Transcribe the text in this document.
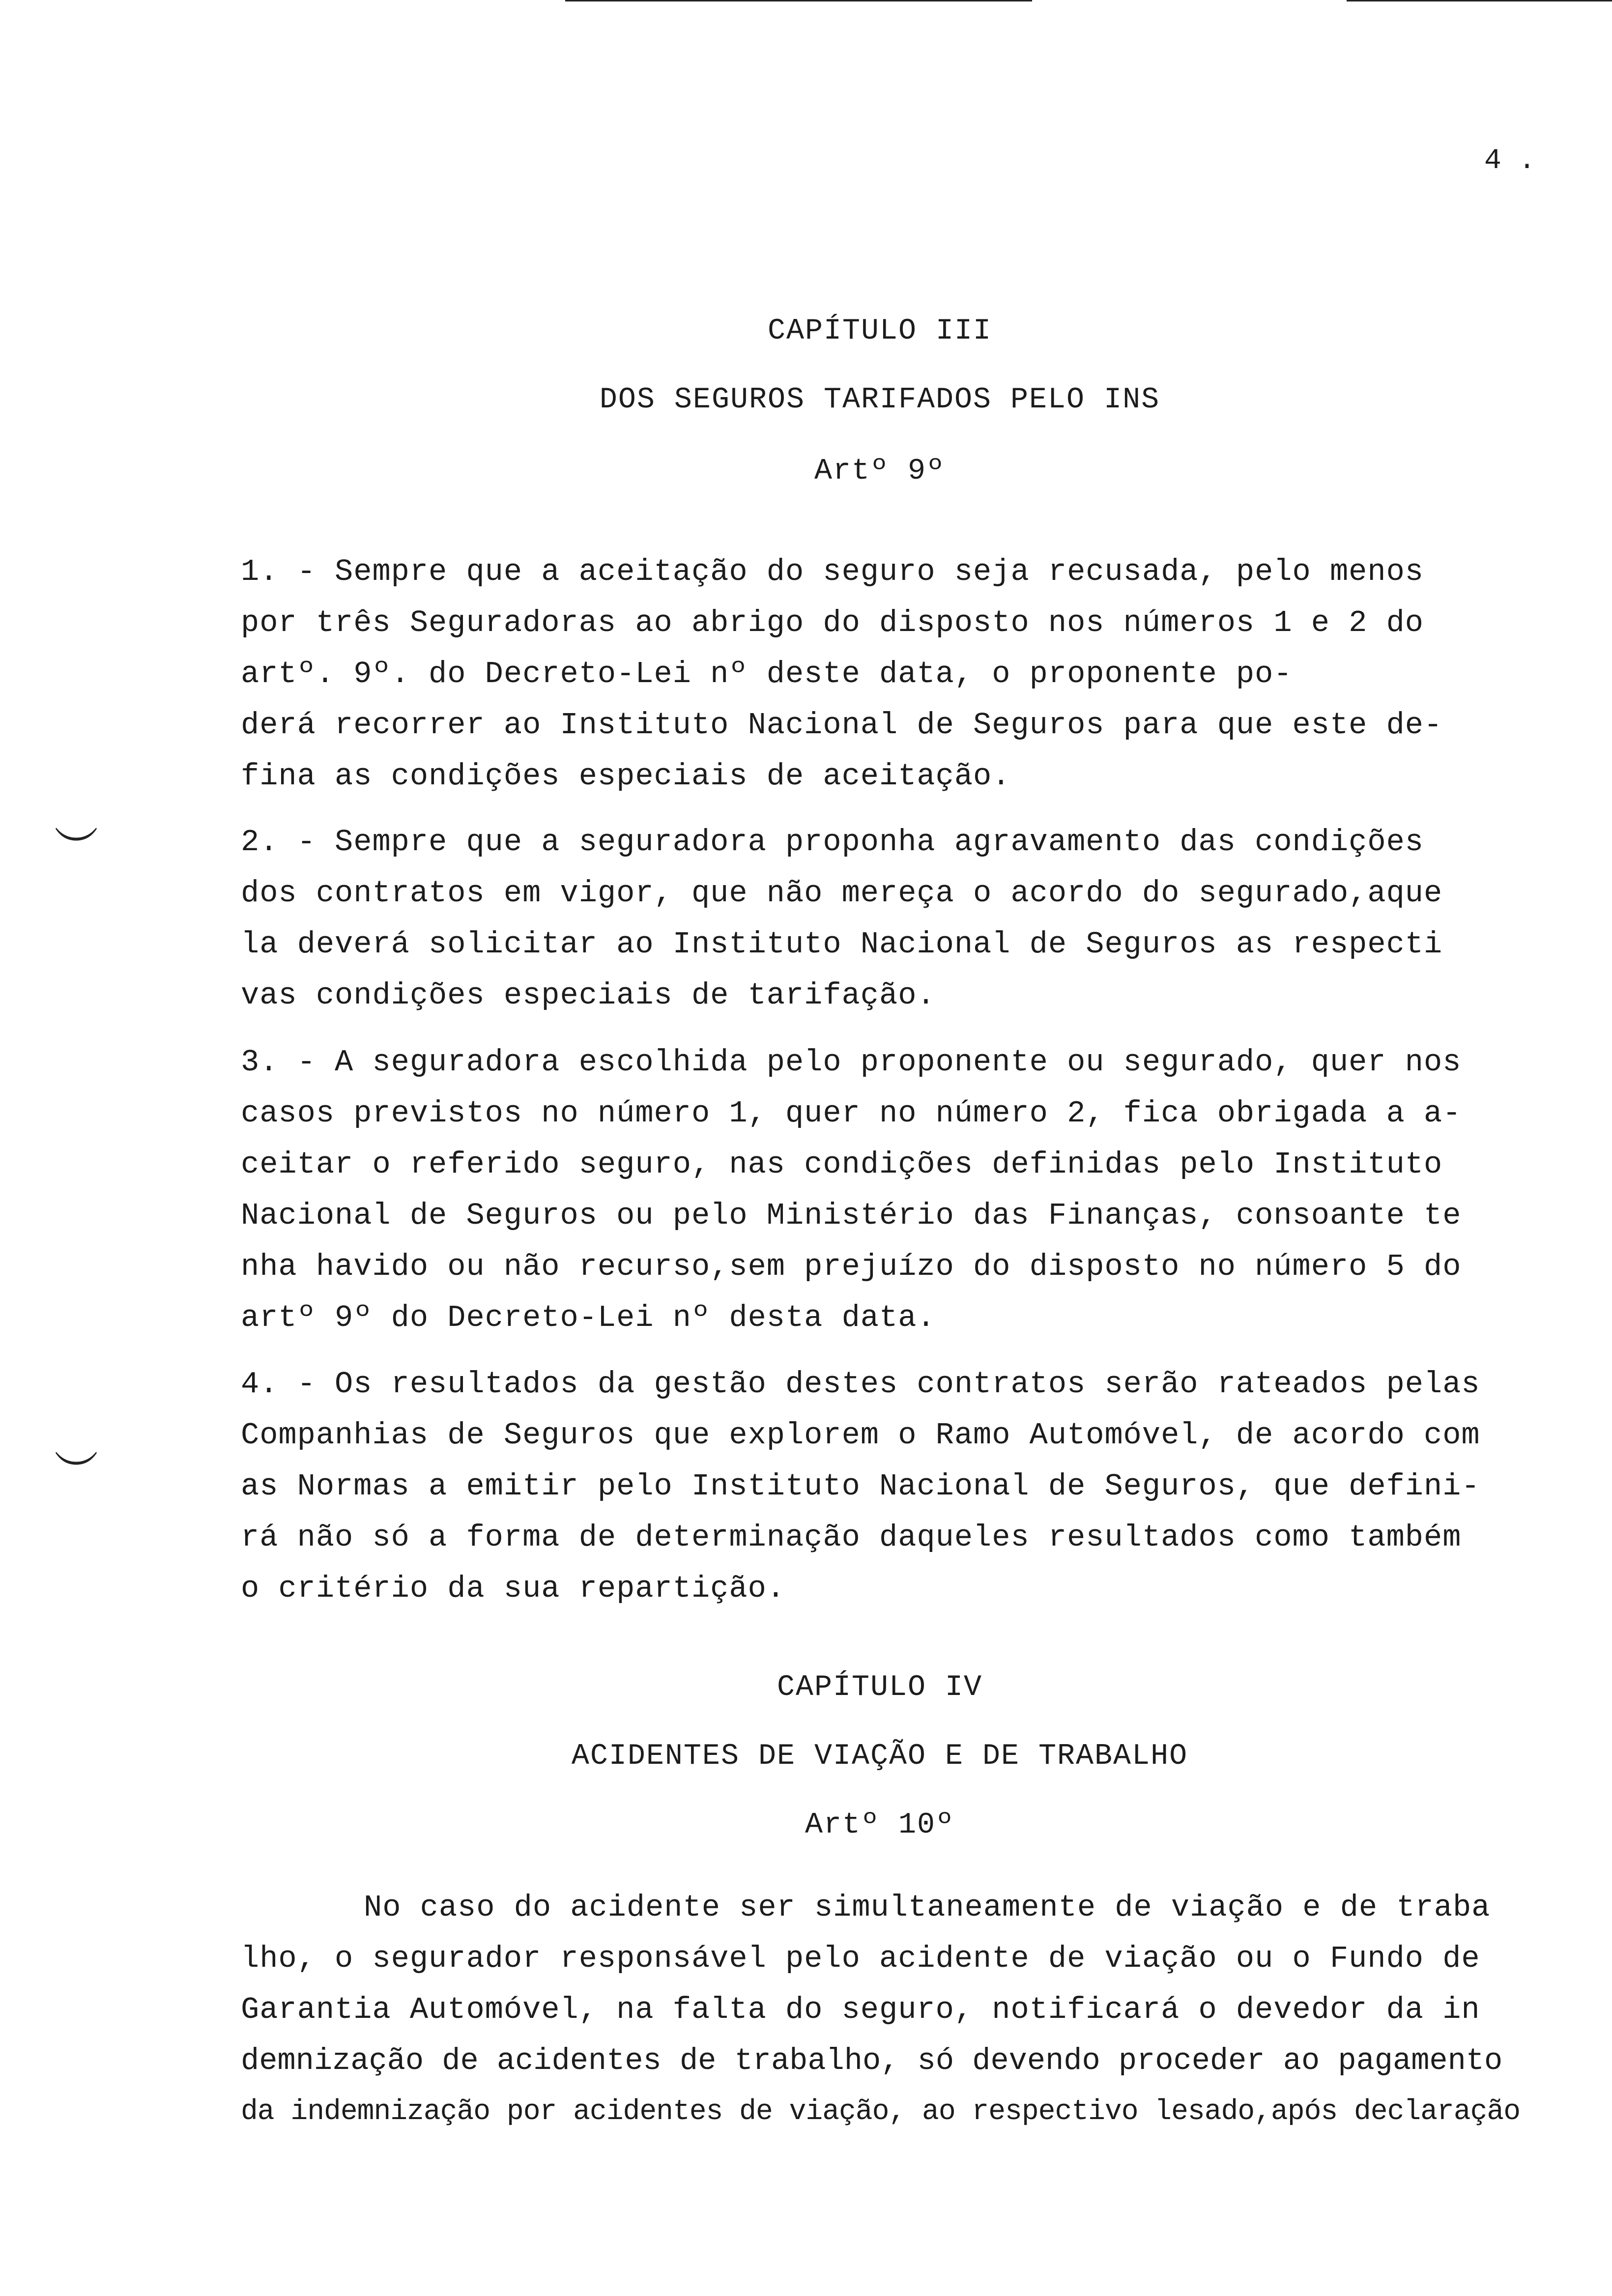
︶
︶
4 .
CAPÍTULO III
DOS SEGUROS TARIFADOS PELO INS
Artº 9º
1. - Sempre que a aceitação do seguro seja recusada, pelo menos
por três Seguradoras ao abrigo do disposto nos números 1 e 2 do
artº. 9º. do Decreto-Lei nº deste data, o proponente po-
derá recorrer ao Instituto Nacional de Seguros para que este de-
fina as condições especiais de aceitação.
2. - Sempre que a seguradora proponha agravamento das condições
dos contratos em vigor, que não mereça o acordo do segurado,aque
la deverá solicitar ao Instituto Nacional de Seguros as respecti
vas condições especiais de tarifação.
3. - A seguradora escolhida pelo proponente ou segurado, quer nos
casos previstos no número 1, quer no número 2, fica obrigada a a-
ceitar o referido seguro, nas condições definidas pelo Instituto
Nacional de Seguros ou pelo Ministério das Finanças, consoante te
nha havido ou não recurso,sem prejuízo do disposto no número 5 do
artº 9º do Decreto-Lei nº desta data.
4. - Os resultados da gestão destes contratos serão rateados pelas
Companhias de Seguros que explorem o Ramo Automóvel, de acordo com
as Normas a emitir pelo Instituto Nacional de Seguros, que defini-
rá não só a forma de determinação daqueles resultados como também
o critério da sua repartição.
CAPÍTULO IV
ACIDENTES DE VIAÇÃO E DE TRABALHO
Artº 10º
No caso do acidente ser simultaneamente de viação e de traba
lho, o segurador responsável pelo acidente de viação ou o Fundo de
Garantia Automóvel, na falta do seguro, notificará o devedor da in
demnização de acidentes de trabalho, só devendo proceder ao pagamento
da indemnização por acidentes de viação, ao respectivo lesado,após declaração
